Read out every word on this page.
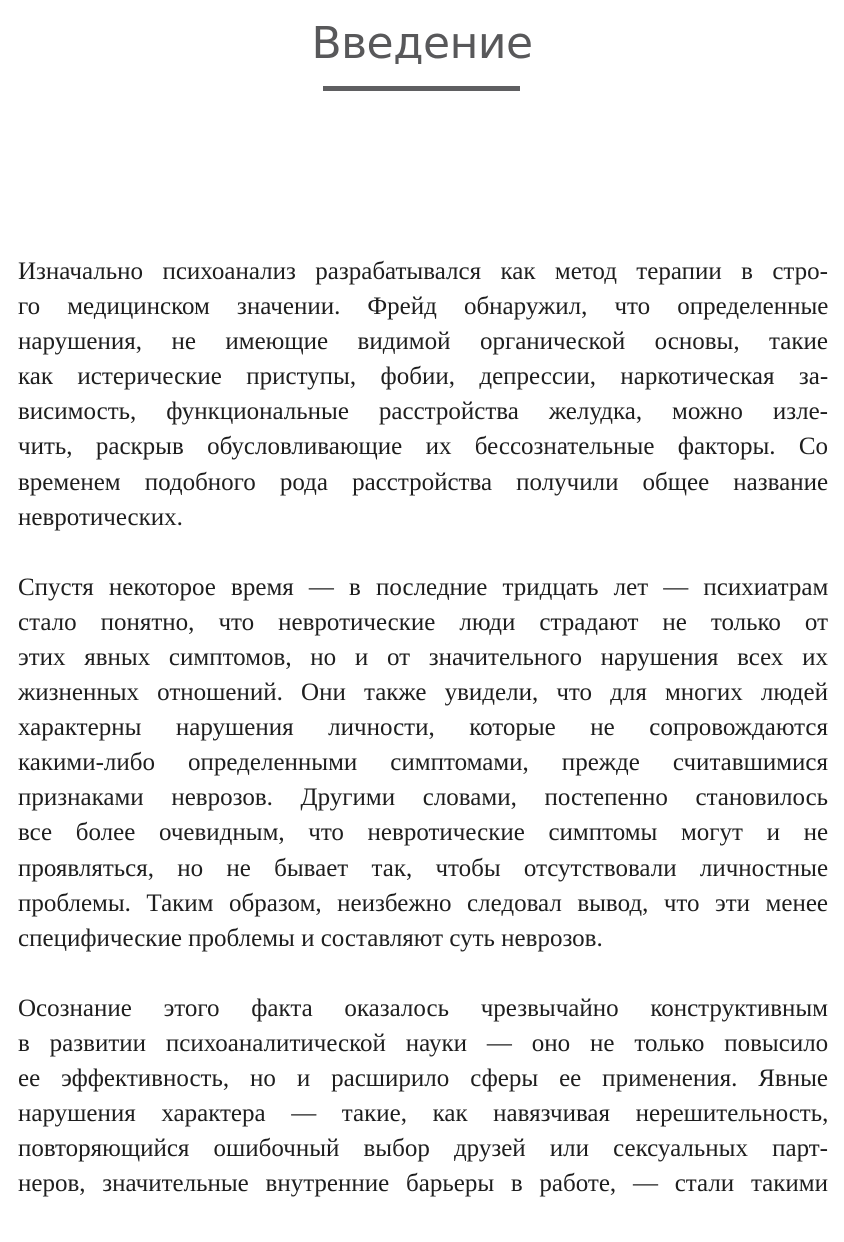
Введение

Изначально психоанализ разрабатывался как метод терапии в стро-
го медицинском значении. Фрейд обнаружил, что определенные
нарушения, не имеющие видимой органической основы, такие
как истерические приступы, фобии, депрессии, наркотическая за-
висимость, функциональные расстройства желудка, можно изле-
чить, раскрыв обусловливающие их бессознательные факторы. Со
временем подобного рода расстройства получили общее название
невротических.

Спустя некоторое время — в последние тридцать лет — психиатрам
стало понятно, что невротические люди страдают не только от
этих явных симптомов, но и от значительного нарушения всех их
жизненных отношений. Они также увидели, что для многих людей
характерны нарушения личности, которые не сопровождаются
какими-либо определенными симптомами, прежде считавшимися
признаками неврозов. Другими словами, постепенно становилось
все более очевидным, что невротические симптомы могут и не
проявляться, но не бывает так, чтобы отсутствовали личностные
проблемы. Таким образом, неизбежно следовал вывод, что эти менее
специфические проблемы и составляют суть неврозов.

Осознание этого факта оказалось чрезвычайно конструктивным
в развитии психоаналитической науки — оно не только повысило
ее эффективность, но и расширило сферы ее применения. Явные
нарушения характера — такие, как навязчивая нерешительность,
повторяющийся ошибочный выбор друзей или сексуальных парт-
неров, значительные внутренние барьеры в работе, — стали такими
